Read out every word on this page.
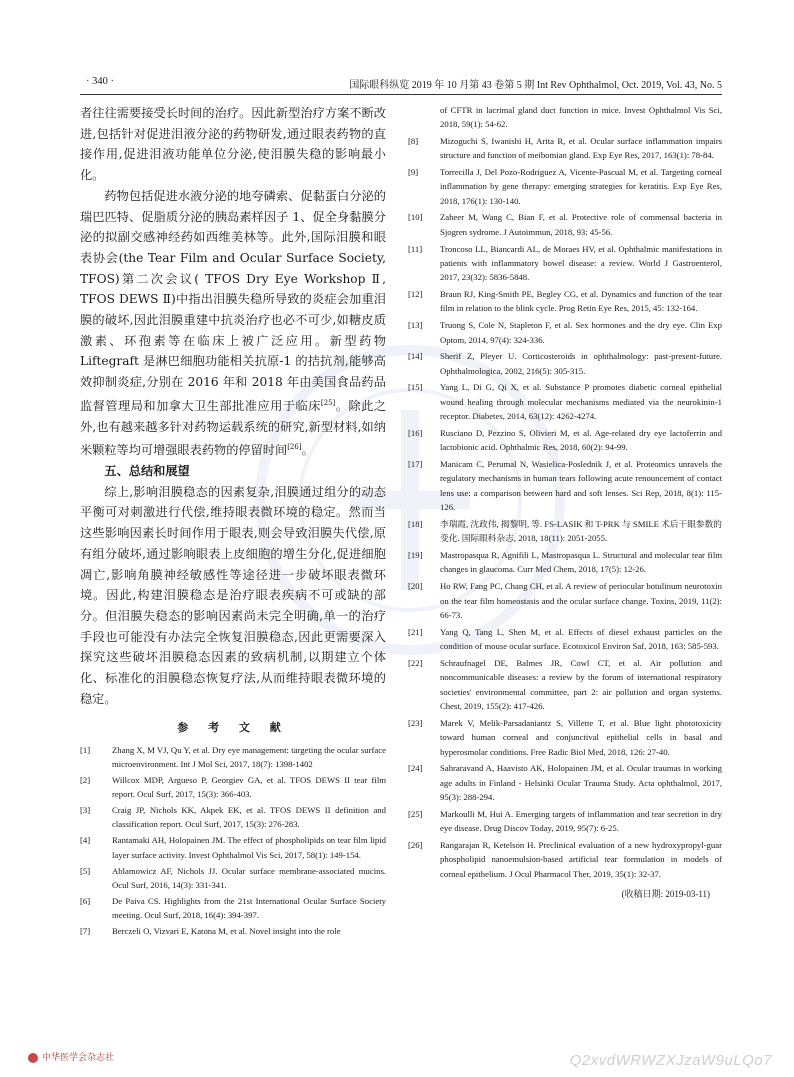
· 340 ·	国际眼科纵览 2019 年 10 月第 43 卷第 5 期 Int Rev Ophthalmol, Oct. 2019, Vol. 43, No. 5

者往往需要接受长时间的治疗。因此新型治疗方案不断改进,包括针对促进泪液分泌的药物研发,通过眼表药物的直接作用,促进泪液功能单位分泌,使泪膜失稳的影响最小化。

药物包括促进水液分泌的地夸磷索、促黏蛋白分泌的瑞巴匹特、促脂质分泌的胰岛素样因子 1、促全身黏膜分泌的拟副交感神经药如西维美林等。此外,国际泪膜和眼表协会(the Tear Film and Ocular Surface Society, TFOS)第二次会议( TFOS Dry Eye Workshop Ⅱ, TFOS DEWS Ⅱ)中指出泪膜失稳所导致的炎症会加重泪膜的破坏,因此泪膜重建中抗炎治疗也必不可少,如糖皮质激素、环孢素等在临床上被广泛应用。新型药物 Liftegraft 是淋巴细胞功能相关抗原-1 的拮抗剂,能够高效抑制炎症,分别在 2016 年和 2018 年由美国食品药品监督管理局和加拿大卫生部批准应用于临床[25]。除此之外,也有越来越多针对药物运载系统的研究,新型材料,如纳米颗粒等均可增强眼表药物的停留时间[26]。

五、总结和展望

综上,影响泪膜稳态的因素复杂,泪膜通过组分的动态平衡可对刺激进行代偿,维持眼表微环境的稳定。然而当这些影响因素长时间作用于眼表,则会导致泪膜失代偿,原有组分破坏,通过影响眼表上皮细胞的增生分化,促进细胞凋亡,影响角膜神经敏感性等途径进一步破坏眼表微环境。因此,构建泪膜稳态是治疗眼表疾病不可或缺的部分。但泪膜失稳态的影响因素尚未完全明确,单一的治疗手段也可能没有办法完全恢复泪膜稳态,因此更需要深入探究这些破坏泪膜稳态因素的致病机制,以期建立个体化、标准化的泪膜稳态恢复疗法,从而维持眼表微环境的稳定。

参 考 文 献
[1]	Zhang X, M VJ, Qu Y, et al. Dry eye management: targeting the ocular surface microenvironment. Int J Mol Sci, 2017, 18(7): 1398-1402
[2]	Willcox MDP, Argueso P, Georgiev GA, et al. TFOS DEWS II tear film report. Ocul Surf, 2017, 15(3): 366-403.
[3]	Craig JP, Nichols KK, Akpek EK, et al. TFOS DEWS II definition and classification report. Ocul Surf, 2017, 15(3): 276-283.
[4]	Rantamaki AH, Holopainen JM. The effect of phospholipids on tear film lipid layer surface activity. Invest Ophthalmol Vis Sci, 2017, 58(1): 149-154.
[5]	Ablamowicz AF, Nichols JJ. Ocular surface membrane-associated mucins. Ocul Surf, 2016, 14(3): 331-341.
[6]	De Paiva CS. Highlights from the 21st International Ocular Surface Society meeting. Ocul Surf, 2018, 16(4): 394-397.
[7]	Berczeli O, Vizvari E, Katona M, et al. Novel insight into the role

of CFTR in lacrimal gland duct function in mice. Invest Ophthalmol Vis Sci, 2018, 59(1): 54-62.

[8]	Mizoguchi S, Iwanishi H, Arita R, et al. Ocular surface inflammation impairs structure and function of meibomian gland. Exp Eye Res, 2017, 163(1): 78-84.
[9]	Torrecilla J, Del Pozo-Rodriguez A, Vicente-Pascual M, et al. Targeting corneal inflammation by gene therapy: emerging strategies for keratitis. Exp Eye Res, 2018, 176(1): 130-140.
[10]	Zaheer M, Wang C, Bian F, et al. Protective role of commensal bacteria in Sjogren sydrome. J Autoimmun, 2018, 93: 45-56.
[11]	Troncoso LL, Biancardi AL, de Moraes HV, et al. Ophthalmic manifestations in patients with inflammatory bowel disease: a review. World J Gastroenterol, 2017, 23(32): 5836-5848.
[12]	Braun RJ, King-Smith PE, Begley CG, et al. Dynamics and function of the tear film in relation to the blink cycle. Prog Retin Eye Res, 2015, 45: 132-164.
[13]	Truong S, Cole N, Stapleton F, et al. Sex hormones and the dry eye. Clin Exp Optom, 2014, 97(4): 324-336.
[14]	Sherif Z, Pleyer U. Corticosteroids in ophthalmology: past-present-future. Ophthalmologica, 2002, 216(5): 305-315.
[15]	Yang L, Di G, Qi X, et al. Substance P promotes diabetic corneal epithelial wound healing through molecular mechanisms mediated via the neurokinin-1 receptor. Diabetes, 2014, 63(12): 4262-4274.
[16]	Rusciano D, Pezzino S, Olivieri M, et al. Age-related dry eye lactoferrin and lactobionic acid. Ophthalmic Res, 2018, 60(2): 94-99.
[17]	Manicam C, Perumal N, Wasielica-Poslednik J, et al. Proteomics unravels the regulatory mechanisms in human tears following acute renouncement of contact lens use: a comparison between hard and soft lenses. Sci Rep, 2018, 8(1): 115-126.
[18]	李瑞霞, 沈政伟, 揭黎明, 等. FS-LASIK 和 T-PRK 与 SMILE 术后干眼参数的变化. 国际眼科杂志, 2018, 18(11): 2051-2055.
[19]	Mastropasqua R, Agnifili L, Mastropasqua L. Structural and molecular tear film changes in glaucoma. Curr Med Chem, 2018, 17(5): 12-26.
[20]	Ho RW, Fang PC, Chang CH, et al. A review of periocular botulinum neurotoxin on the tear film homeostasis and the ocular surface change. Toxins, 2019, 11(2): 66-73.
[21]	Yang Q, Tang L, Shen M, et al. Effects of diesel exhaust particles on the condition of mouse ocular surface. Ecotoxicol Environ Saf, 2018, 163: 585-593.
[22]	Schraufnagel DE, Balmes JR, Cowl CT, et al. Air pollution and noncommunicable diseases: a review by the forum of international respiratory societies' environmental committee, part 2: air pollution and organ systems. Chest, 2019, 155(2): 417-426.
[23]	Marek V, Melik-Parsadaniantz S, Villette T, et al. Blue light phototoxicity toward human corneal and conjunctival epithelial cells in basal and hyperosmolar conditions. Free Radic Biol Med, 2018, 126: 27-40.
[24]	Sahraravand A, Haavisto AK, Holopainen JM, et al. Ocular traumas in working age adults in Finland - Helsinki Ocular Trauma Study. Acta ophthalmol, 2017, 95(3): 288-294.
[25]	Markoulli M, Hui A. Emerging targets of inflammation and tear secretion in dry eye disease. Drug Discov Today, 2019, 95(7): 6-25.
[26]	Rangarajan R, Ketelson H. Preclinical evaluation of a new hydroxypropyl-guar phospholipid nanoemulsion-based artificial tear formulation in models of corneal epithelium. J Ocul Pharmacol Ther, 2019, 35(1): 32-37.
(收稿日期: 2019-03-11)
中华医学会杂志社	Q2xvdWRWZXJzaW9uLQo7
